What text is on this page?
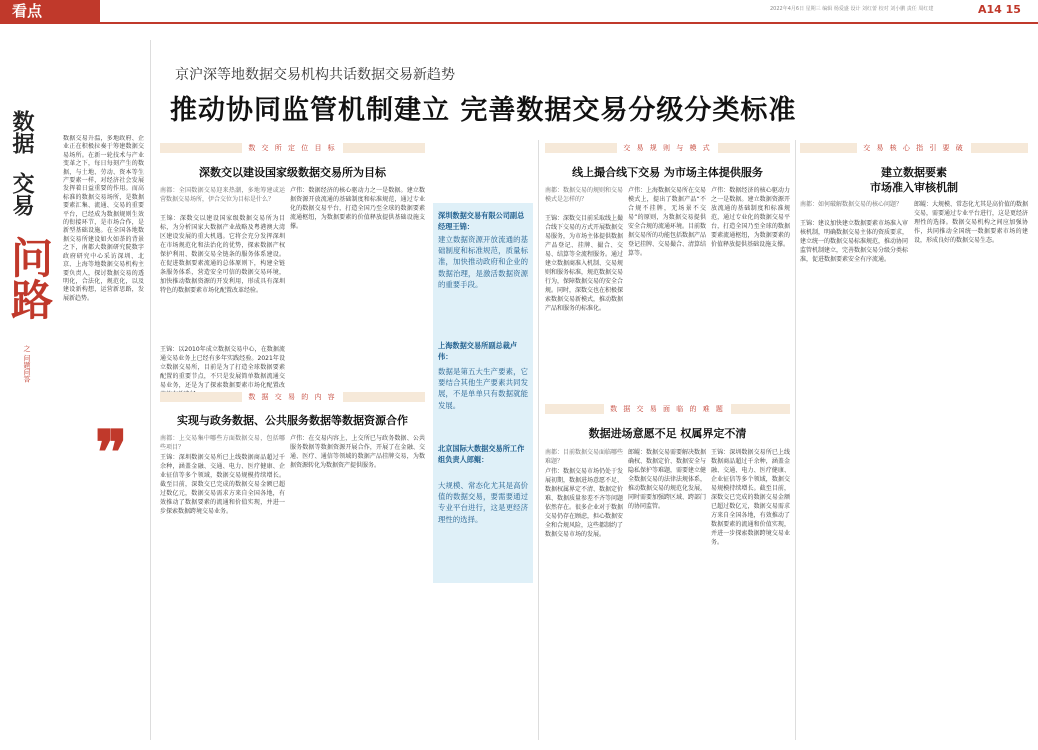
看点	2022年4月6日 星期三 编辑 杨爱盛 设计 刘红蕾 校对 刘小鹏 责任 周红建	A14 15
数据
交易
问路
之 问题问答
数据交易升温，多地政府、企业正在积极拉奏于筹建数据交易场所。在新一轮技术与产业变革之下，每日每刻产生的数据，与土地、劳动、资本等生产要素一样，对经济社会发展发挥着日益重要的作用。而高标准的数据交易场所，是数据要素汇集、流通、交易的重要平台，已经成为数据规则生效的衔接环节，是市场合作，是新型基础设施。在全国各地数据交易所建设如火如荼的背景之下，南都大数据研究院数字政府研究中心采访深圳、北京、上海等地数据交易机构主要负责人，探讨数据交易的透明化，合法化，规范化，以及建设新构想，运营新思路，发展新趋势。
❞
京沪深等地数据交易机构共话数据交易新趋势
推动协同监管机制建立 完善数据交易分级分类标准
数 交 所 定 位 目 标
深数交以建设国家级数据交易所为目标
南都：全国数据交易迎来热潮，多地筹建或运营数据交易场所，伊合交位为目标是什么？
王锦：深数交以建设国家级数据交易所为目标，为分析国家大数据产业战略及粤港澳大湾区建设发展的重大机遇。它将会充分发挥深圳在市场规范化和法治化的优势，探索数据产权保护利用、数据交易全链条的服务体系建设。在促进数据要素流通的总体原则下，构建全链条服务体系，营造安全可信的数据交易环境，加快推动数据资源的开发利用，形成具有深圳特色的数据要素市场化配置改革经验。
王锦：以2010年成立数据交易中心，在数据流通交易业务上已经有多年实践经验。2021年设立数据交易所，目前是为了打造全球数据要素配置的重要节点，不只是发展简单数据流通交易业务，还是为了探索数据要素市场化配置改
卢伟：数据经济的核心驱动力之一是数据。建立数据资源开放流通的基础制度和标准规范，通过专业化的数据交易平台，打造全国乃至全球的数据要素流通枢纽，为数据要素的价值释放提供基础设施支撑。
数 据 交 易 的 内 容
实现与政务数据、公共服务数据等数据资源合作
南都：上交易集中哪些方面数据交易，包括哪些项目？
王锦：深圳数据交易所已上线数据商品超过千余种，涵盖金融、交通、电力、医疗健康、企业征信等多个领域，数据交易规模持续增长。截至目前，深数交已完成的数据交易金额已超过数亿元，数据交易需求方来自全国各地，有效推动了数据要素的流通和价值实现，并进一步探索数据跨境交易业务。
卢伟：在交易内容上，上交所已与政务数据、公共服务数据等数据资源开展合作，开展了在金融、交通、医疗、通信等领域的数据产品挂牌交易，为数据资源转化为数据资产提供服务。
深圳数据交易有限公司副总经理王锦：
建立数据资源开放流通的基础制度和标准规范，质量标准，加快推动政府和企业的数据治理，是激活数据资源的重要手段。
上海数据交易所副总裁卢伟：
数据是第五大生产要素，它要结合其他生产要素共同发展，不是单单只有数据就能发展。
北京国际大数据交易所工作组负责人郎鲲：
大规模、常态化尤其是高价值的数据交易，要需要通过专业平台进行，这是更经济理性的选择。
交 易 规 则 与 模 式
线上撮合线下交易 为市场主体提供服务
南都：数据交易的规则和交易模式是怎样的？
王锦：深数交目前采取线上撮合线下交易的方式开展数据交易服务，为市场主体提供数据产品登记、挂牌、撮合、交易、结算等全流程服务。通过建立数据商准入机制、交易规则和服务标准，规范数据交易行为，保障数据交易的安全合规。同时，深数交也在积极探索数据交易新模式，推动数据产品和服务的标准化。
卢伟：上海数据交易所在交易模式上，提出了数据产品“不合规不挂牌，无场景不交易”的原则，为数据交易提供安全合规的流通环境。目前数据交易所的功能包括数据产品登记挂牌、交易撮合、清算结算等。
卢伟：数据经济的核心驱动力之一是数据。建立数据资源开放流通的基础制度和标准规范，通过专业化的数据交易平台，打造全国乃至全球的数据要素流通枢纽，为数据要素的价值释放提供基础设施支撑。
数 据 交 易 面 临 的 难 题
数据进场意愿不足 权属界定不清
南都：目前数据交易面临哪些难题？
卢伟：数据交易市场仍处于发展初期，数据进场意愿不足、数据权属界定不清、数据定价难、数据质量参差不齐等问题依然存在。很多企业对于数据交易仍存在顾虑，担心数据安全和合规风险，这些都制约了数据交易市场的发展。
郎鲲：数据交易需要解决数据确权、数据定价、数据安全与隐私保护等难题，需要建立健全数据交易的法律法规体系，推动数据交易的规范化发展，同时需要加强跨区域、跨部门的协同监管。
王锦：深圳数据交易所已上线数据商品超过千余种，涵盖金融、交通、电力、医疗健康、企业征信等多个领域，数据交易规模持续增长。截至目前，深数交已完成的数据交易金额已超过数亿元，数据交易需求方来自全国各地，有效推动了数据要素的流通和价值实现，并进一步探索数据跨境交易业务。
交 易 核 心 指 引 要 破
建立数据要素
市场准入审核机制
南都：如何破解数据交易的核心问题？
王锦：建议加快建立数据要素市场准入审核机制，明确数据交易主体的资质要求，建立统一的数据交易标准规范，推动协同监管机制建立，完善数据交易分级分类标准，促进数据要素安全有序流通。
郎鲲：大规模、常态化尤其是高价值的数据交易，需要通过专业平台进行，这是更经济理性的选择。数据交易机构之间应加强协作，共同推动全国统一数据要素市场的建设，形成良好的数据交易生态。
